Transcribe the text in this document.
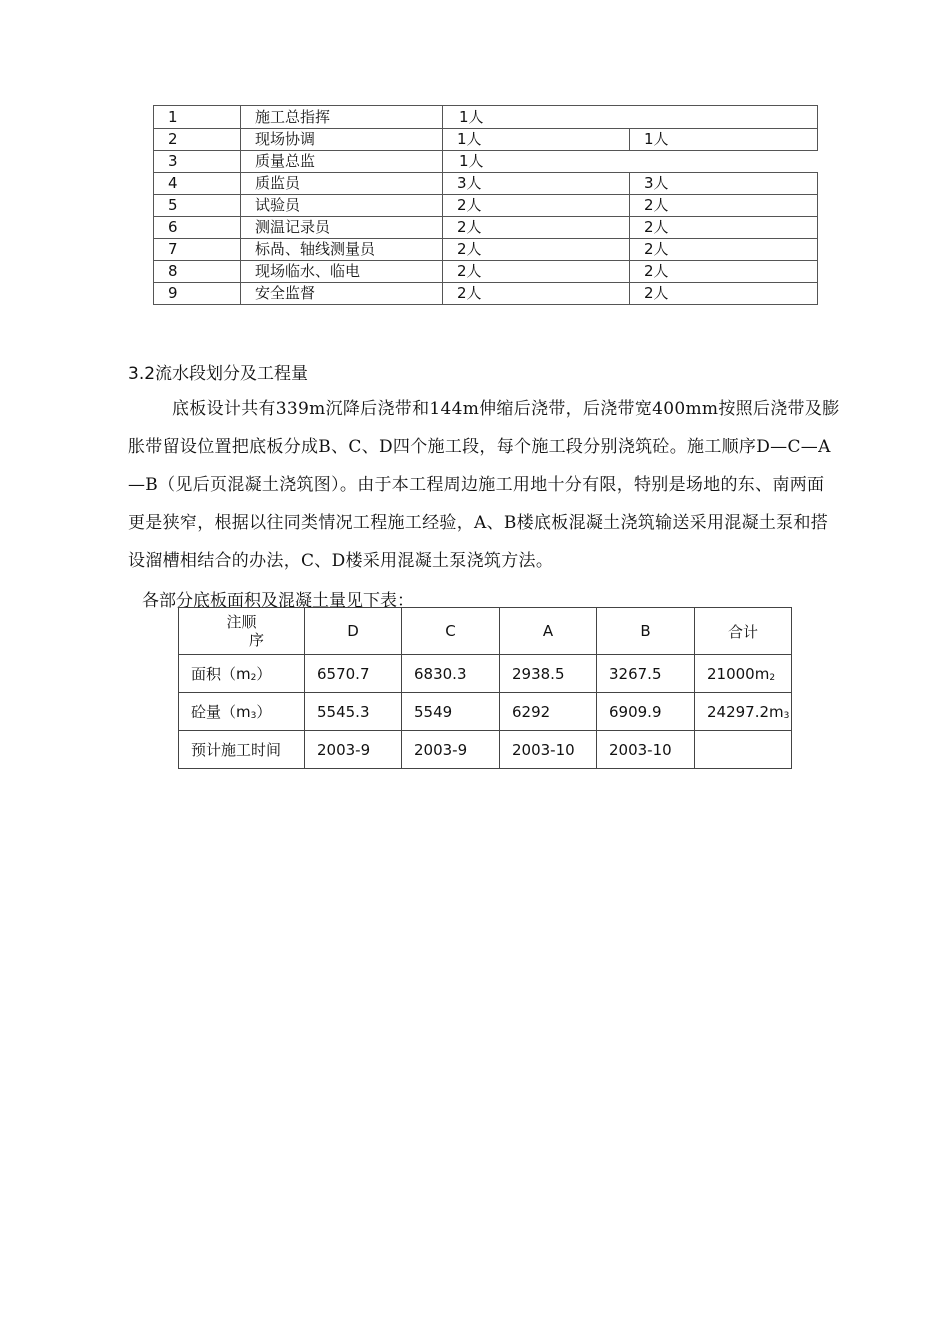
1	施工总指挥	1人	
2	现场协调	1人	1人
3	质量总监	1人	
4	质监员	3人	3人
5	试验员	2人	2人
6	测温记录员	2人	2人
7	标咼、轴线测量员	2人	2人
8	现场临水、临电	2人	2人
9	安全监督	2人	2人
3.2流水段划分及工程量

底板设计共有339m沉降后浇带和144m伸缩后浇带，后浇带宽400mm按照后浇带及膨胀带留设位置把底板分成B、C、D四个施工段，每个施工段分别浇筑砼。施工顺序D—C—A—B（见后页混凝土浇筑图）。由于本工程周边施工用地十分有限，特别是场地的东、南两面更是狭窄，根据以往同类情况工程施工经验，A、B楼底板混凝土浇筑输送采用混凝土泵和搭设溜槽相结合的办法，C、D楼采用混凝土泵浇筑方法。

各部分底板面积及混凝土量见下表：

注顺
序	D	C	A	B	合计
面积$(m_2)$	6570.7	6830.3	2938.5	3267.5	$21000m_2$
砼量$(m_3)$	5545.3	5549	6292	6909.9	$24297.2m_3$
预计施工时间	2003-9	2003-9	2003-10	2003-10	
